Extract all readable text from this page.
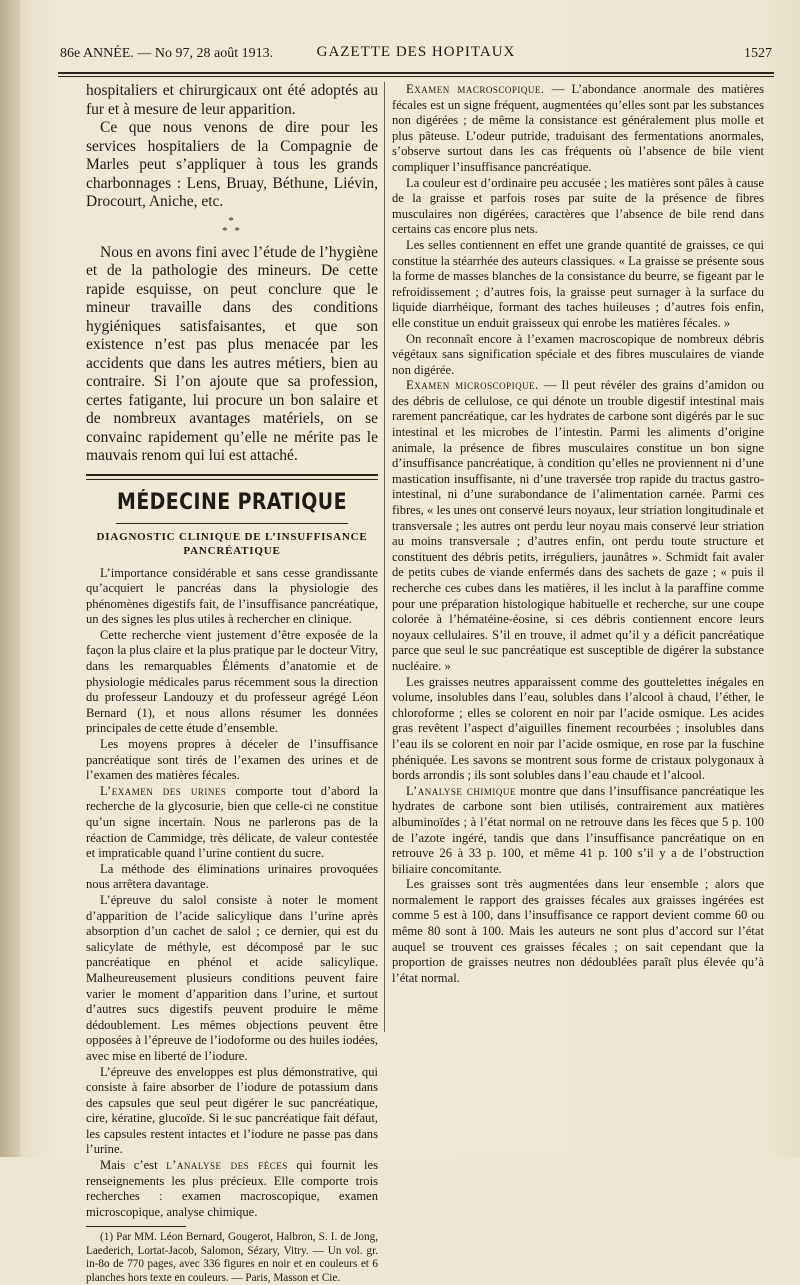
86e ANNÉE. — No 97, 28 août 1913.	GAZETTE DES HOPITAUX	1527

hospitaliers et chirurgicaux ont été adoptés au fur et à mesure de leur apparition.

Ce que nous venons de dire pour les services hospitaliers de la Compagnie de Marles peut s’appliquer à tous les grands charbonnages : Lens, Bruay, Béthune, Liévin, Drocourt, Aniche, etc.

*
* *

Nous en avons fini avec l’étude de l’hygiène et de la pathologie des mineurs. De cette rapide esquisse, on peut conclure que le mineur travaille dans des conditions hygiéniques satisfaisantes, et que son existence n’est pas plus menacée par les accidents que dans les autres métiers, bien au contraire. Si l’on ajoute que sa profession, certes fatigante, lui procure un bon salaire et de nombreux avantages matériels, on se convainc rapidement qu’elle ne mérite pas le mauvais renom qui lui est attaché.

MÉDECINE PRATIQUE
DIAGNOSTIC CLINIQUE DE L’INSUFFISANCE PANCRÉATIQUE

L’importance considérable et sans cesse grandissante qu’acquiert le pancréas dans la physiologie des phénomènes digestifs fait, de l’insuffisance pancréatique, un des signes les plus utiles à rechercher en clinique.

Cette recherche vient justement d’être exposée de la façon la plus claire et la plus pratique par le docteur Vitry, dans les remarquables Éléments d’anatomie et de physiologie médicales parus récemment sous la direction du professeur Landouzy et du professeur agrégé Léon Bernard (1), et nous allons résumer les données principales de cette étude d’ensemble.

Les moyens propres à déceler de l’insuffisance pancréatique sont tirés de l’examen des urines et de l’examen des matières fécales.

L’examen des urines comporte tout d’abord la recherche de la glycosurie, bien que celle-ci ne constitue qu’un signe incertain. Nous ne parlerons pas de la réaction de Cammidge, très délicate, de valeur contestée et impraticable quand l’urine contient du sucre.

La méthode des éliminations urinaires provoquées nous arrêtera davantage.

L’épreuve du salol consiste à noter le moment d’apparition de l’acide salicylique dans l’urine après absorption d’un cachet de salol ; ce dernier, qui est du salicylate de méthyle, est décomposé par le suc pancréatique en phénol et acide salicylique. Malheureusement plusieurs conditions peuvent faire varier le moment d’apparition dans l’urine, et surtout d’autres sucs digestifs peuvent produire le même dédoublement. Les mêmes objections peuvent être opposées à l’épreuve de l’iodoforme ou des huiles iodées, avec mise en liberté de l’iodure.

L’épreuve des enveloppes est plus démonstrative, qui consiste à faire absorber de l’iodure de potassium dans des capsules que seul peut digérer le suc pancréatique, cire, kératine, glucoïde. Si le suc pancréatique fait défaut, les capsules restent intactes et l’iodure ne passe pas dans l’urine.

Mais c’est l’analyse des fèces qui fournit les renseignements les plus précieux. Elle comporte trois recherches : examen macroscopique, examen microscopique, analyse chimique.

(1) Par MM. Léon Bernard, Gougerot, Halbron, S. I. de Jong, Laederich, Lortat-Jacob, Salomon, Sézary, Vitry. — Un vol. gr. in-8o de 770 pages, avec 336 figures en noir et en couleurs et 6 planches hors texte en couleurs. — Paris, Masson et Cie.

Examen macroscopique. — L’abondance anormale des matières fécales est un signe fréquent, augmentées qu’elles sont par les substances non digérées ; de même la consistance est généralement plus molle et plus pâteuse. L’odeur putride, traduisant des fermentations anormales, s’observe surtout dans les cas fréquents où l’absence de bile vient compliquer l’insuffisance pancréatique.

La couleur est d’ordinaire peu accusée ; les matières sont pâles à cause de la graisse et parfois roses par suite de la présence de fibres musculaires non digérées, caractères que l’absence de bile rend dans certains cas encore plus nets.

Les selles contiennent en effet une grande quantité de graisses, ce qui constitue la stéarrhée des auteurs classiques. « La graisse se présente sous la forme de masses blanches de la consistance du beurre, se figeant par le refroidissement ; d’autres fois, la graisse peut surnager à la surface du liquide diarrhéique, formant des taches huileuses ; d’autres fois enfin, elle constitue un enduit graisseux qui enrobe les matières fécales. »

On reconnaît encore à l’examen macroscopique de nombreux débris végétaux sans signification spéciale et des fibres musculaires de viande non digérée.

Examen microscopique. — Il peut révéler des grains d’amidon ou des débris de cellulose, ce qui dénote un trouble digestif intestinal mais rarement pancréatique, car les hydrates de carbone sont digérés par le suc intestinal et les microbes de l’intestin. Parmi les aliments d’origine animale, la présence de fibres musculaires constitue un bon signe d’insuffisance pancréatique, à condition qu’elles ne proviennent ni d’une mastication insuffisante, ni d’une traversée trop rapide du tractus gastro-intestinal, ni d’une surabondance de l’alimentation carnée. Parmi ces fibres, « les unes ont conservé leurs noyaux, leur striation longitudinale et transversale ; les autres ont perdu leur noyau mais conservé leur striation au moins transversale ; d’autres enfin, ont perdu toute structure et constituent des débris petits, irréguliers, jaunâtres ». Schmidt fait avaler de petits cubes de viande enfermés dans des sachets de gaze ; « puis il recherche ces cubes dans les matières, il les inclut à la paraffine comme pour une préparation histologique habituelle et recherche, sur une coupe colorée à l’hématéine-éosine, si ces débris contiennent encore leurs noyaux cellulaires. S’il en trouve, il admet qu’il y a déficit pancréatique parce que seul le suc pancréatique est susceptible de digérer la substance nucléaire. »

Les graisses neutres apparaissent comme des gouttelettes inégales en volume, insolubles dans l’eau, solubles dans l’alcool à chaud, l’éther, le chloroforme ; elles se colorent en noir par l’acide osmique. Les acides gras revêtent l’aspect d’aiguilles finement recourbées ; insolubles dans l’eau ils se colorent en noir par l’acide osmique, en rose par la fuschine phéniquée. Les savons se montrent sous forme de cristaux polygonaux à bords arrondis ; ils sont solubles dans l’eau chaude et l’alcool.

L’analyse chimique montre que dans l’insuffisance pancréatique les hydrates de carbone sont bien utilisés, contrairement aux matières albuminoïdes ; à l’état normal on ne retrouve dans les fèces que 5 p. 100 de l’azote ingéré, tandis que dans l’insuffisance pancréatique on en retrouve 26 à 33 p. 100, et même 41 p. 100 s’il y a de l’obstruction biliaire concomitante.

Les graisses sont très augmentées dans leur ensemble ; alors que normalement le rapport des graisses fécales aux graisses ingérées est comme 5 est à 100, dans l’insuffisance ce rapport devient comme 60 ou même 80 sont à 100. Mais les auteurs ne sont plus d’accord sur l’état auquel se trouvent ces graisses fécales ; on sait cependant que la proportion de graisses neutres non dédoublées paraît plus élevée qu’à l’état normal.
